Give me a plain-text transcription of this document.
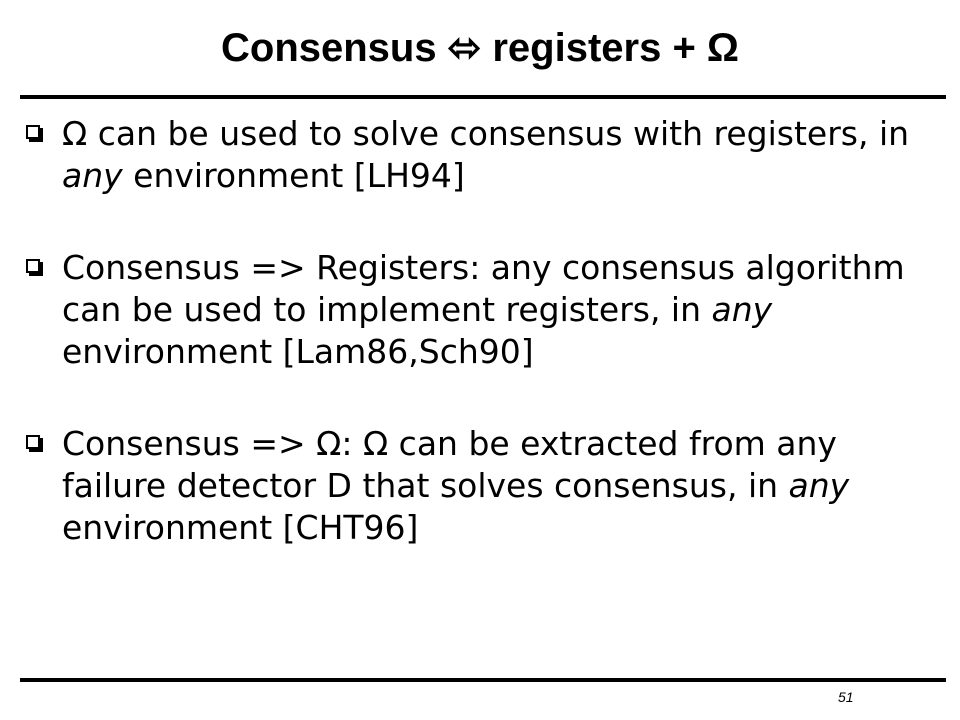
Consensus ⬄ registers + Ω
Ω can be used to solve consensus with registers, in any environment [LH94]
Consensus => Registers: any consensus algorithm can be used to implement registers, in any environment [Lam86,Sch90]
Consensus => Ω: Ω can be extracted from any failure detector D that solves consensus, in any environment [CHT96]
51
